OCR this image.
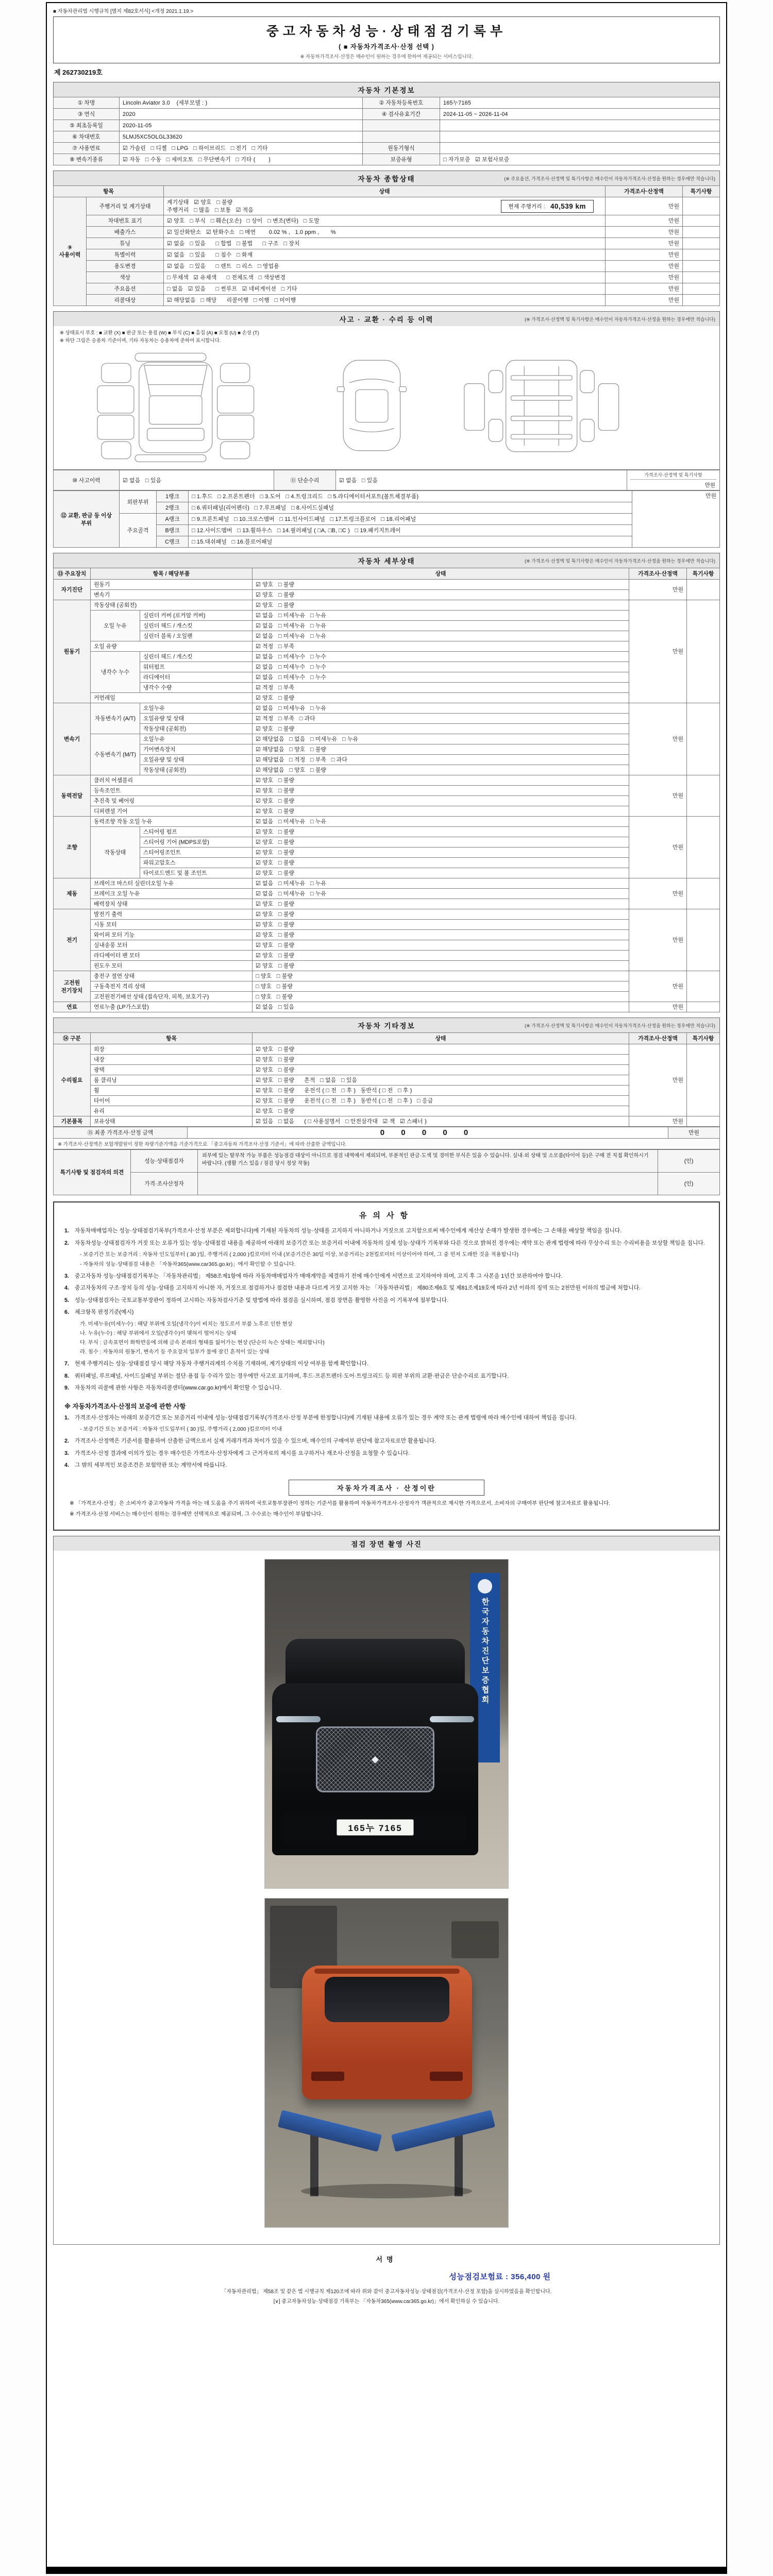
■ 자동차관리법 시행규칙 [별지 제82호서식] <개정 2021.1.19.>
중고자동차성능·상태점검기록부
( ■ 자동차가격조사·산정 선택 )
※ 자동차가격조사·산정은 매수인이 원하는 경우에 한하여 제공되는 서비스입니다.
제 262730219호
자동차 기본정보
① 차명	Lincoln Aviator 3.0    (세부모델 : )	② 자동차등록번호	165누7165
③ 연식	2020	④ 검사유효기간	2024-11-05 ~ 2026-11-04
⑤ 최초등록일	2020-11-05		
⑥ 차대번호	5LMJ5XC5OLGL33620		
⑦ 사용연료	☑ 가솔린   □ 디젤   □ LPG   □ 하이브리드   □ 전기   □ 기타	원동기형식	
⑧ 변속기종류	☑ 자동   □ 수동   □ 세미오토   □ 무단변속기   □ 기타 (        )	보증유형	□ 자가보증   ☑ 보험사보증
자동차 종합상태	(※ 주요옵션, 가격조사·산정액 및 특기사항은 매수인이 자동차가격조사·산정을 원하는 경우에만 적습니다)
항목		상태	가격조사·산정액	특기사항
⑨ 사용이력	주행거리 및 계기상태	계기상태   ☑ 양호   □ 불량
주행거리   □ 많음   □ 보통   ☑ 적음
현재 주행거리 : 40,539 km	만원	
	차대번호 표기	☑ 양호   □ 부식   □ 훼손(오손)   □ 상이   □ 변조(변타)   □ 도말	만원	
	배출가스	☑ 일산화탄소   ☑ 탄화수소   □ 매연        0.02 % ,   1.0 ppm ,       %	만원	
	튜닝	☑ 없음   □ 있음      □ 합법   □ 불법      □ 구조   □ 장치	만원	
	특별이력	☑ 없음   □ 있음      □ 침수   □ 화재	만원	
	용도변경	☑ 없음   □ 있음      □ 렌트   □ 리스   □ 영업용	만원	
	색상	□ 무채색   ☑ 유채색      □ 전체도색   □ 색상변경	만원	
	주요옵션	□ 없음   ☑ 있음      □ 썬루프   ☑ 네비게이션   □ 기타	만원	
	리콜대상	☑ 해당없음   □ 해당      리콜이행   □ 이행   □ 미이행	만원	
사고 · 교환 · 수리 등 이력	(※ 가격조사·산정액 및 특기사항은 매수인이 자동차가격조사·산정을 원하는 경우에만 적습니다)
※ 상태표시 부호 : ■ 교환 (X) ■ 판금 또는 용접 (W) ■ 부식 (C) ■ 흠집 (A) ■ 요철 (U) ■ 손상 (T)
※ 하단 그림은 승용차 기준이며, 기타 자동차는 승용차에 준하여 표시합니다.
⑩ 사고이력	☑ 없음   □ 있음	⑪ 단순수리	☑ 없음   □ 있음	
가격조사·산정액 및 특기사항
만원
⑫ 교환, 판금 등 이상 부위	외판부위	1랭크	□ 1.후드   □ 2.프론트펜더   □ 3.도어   □ 4.트렁크리드   □ 5.라디에이터서포트(볼트체결부품)	만원
		2랭크	□ 6.쿼터패널(리어펜더)   □ 7.루프패널   □ 8.사이드실패널	
	주요골격	A랭크	□ 9.프론트패널   □ 10.크로스멤버   □ 11.인사이드패널   □ 17.트렁크플로어   □ 18.리어패널	
		B랭크	□ 12.사이드멤버   □ 13.휠하우스   □ 14.필러패널 ( □A, □B, □C )   □ 19.패키지트레이	
		C랭크	□ 15.대쉬패널   □ 16.플로어패널	
자동차 세부상태	(※ 가격조사·산정액 및 특기사항은 매수인이 자동차가격조사·산정을 원하는 경우에만 적습니다)
⑬ 주요장치	항목 / 해당부품		상태	가격조사·산정액	특기사항
자기진단	원동기		☑ 양호   □ 불량	만원	
	변속기		☑ 양호   □ 불량		
원동기	작동상태 (공회전)		☑ 양호   □ 불량	만원	
	오일 누유	실린더 커버 (로커암 커버)	☑ 없음   □ 미세누유   □ 누유		
		실린더 헤드 / 개스킷	☑ 없음   □ 미세누유   □ 누유		
		실린더 블록 / 오일팬	☑ 없음   □ 미세누유   □ 누유		
	오일 유량		☑ 적정   □ 부족		
	냉각수 누수	실린더 헤드 / 개스킷	☑ 없음   □ 미세누수   □ 누수		
		워터펌프	☑ 없음   □ 미세누수   □ 누수		
		라디에이터	☑ 없음   □ 미세누수   □ 누수		
		냉각수 수량	☑ 적정   □ 부족		
	커먼레일		☑ 양호   □ 불량		
변속기	자동변속기 (A/T)	오일누유	☑ 없음   □ 미세누유   □ 누유	만원	
		오일유량 및 상태	☑ 적정   □ 부족   □ 과다		
		작동상태 (공회전)	☑ 양호   □ 불량		
	수동변속기 (M/T)	오일누유	☑ 해당없음   □ 없음   □ 미세누유   □ 누유		
		기어변속장치	☑ 해당없음   □ 양호   □ 불량		
		오일유량 및 상태	☑ 해당없음   □ 적정   □ 부족   □ 과다		
		작동상태 (공회전)	☑ 해당없음   □ 양호   □ 불량		
동력전달	클러치 어셈블리		☑ 양호   □ 불량	만원	
	등속조인트		☑ 양호   □ 불량		
	추진축 및 베어링		☑ 양호   □ 불량		
	디퍼렌셜 기어		☑ 양호   □ 불량		
조향	동력조향 작동 오일 누유		☑ 없음   □ 미세누유   □ 누유	만원	
	작동상태	스티어링 펌프	☑ 양호   □ 불량		
		스티어링 기어 (MDPS포함)	☑ 양호   □ 불량		
		스티어링조인트	☑ 양호   □ 불량		
		파워고압호스	☑ 양호   □ 불량		
		타이로드엔드 및 볼 조인트	☑ 양호   □ 불량		
제동	브레이크 마스터 실린더오일 누유		☑ 없음   □ 미세누유   □ 누유	만원	
	브레이크 오일 누유		☑ 없음   □ 미세누유   □ 누유		
	배력장치 상태		☑ 양호   □ 불량		
전기	발전기 출력		☑ 양호   □ 불량	만원	
	시동 모터		☑ 양호   □ 불량		
	와이퍼 모터 기능		☑ 양호   □ 불량		
	실내송풍 모터		☑ 양호   □ 불량		
	라디에이터 팬 모터		☑ 양호   □ 불량		
	윈도우 모터		☑ 양호   □ 불량		
고전원 전기장치	충전구 절연 상태		□ 양호   □ 불량	만원	
	구동축전지 격리 상태		□ 양호   □ 불량		
	고전원전기배선 상태 (접속단자, 피복, 보호기구)		□ 양호   □ 불량		
연료	연료누출 (LP가스포함)		☑ 없음   □ 있음	만원	
자동차 기타정보	(※ 가격조사·산정액 및 특기사항은 매수인이 자동차가격조사·산정을 원하는 경우에만 적습니다)
⑭ 구분	항목	상태	가격조사·산정액	특기사항
수리필요	외장	☑ 양호   □ 불량	만원	
	내장	☑ 양호   □ 불량		
	광택	☑ 양호   □ 불량		
	룸 클리닝	☑ 양호   □ 불량      흔적   □ 없음   □ 있음		
	휠	☑ 양호   □ 불량      운전석 ( □ 전   □ 후 )   동반석 ( □ 전   □ 후 )		
	타이어	☑ 양호   □ 불량      운전석 ( □ 전   □ 후 )   동반석 ( □ 전   □ 후 )   □ 응급		
	유리	☑ 양호   □ 불량		
기본품목	보유상태	☑ 있음   □ 없음      ( □ 사용설명서   □ 안전삼각대   ☑ 잭   ☑ 스패너 )	만원	
⑮ 최종 가격조사·산정 금액	0 0 0 0 0	만원
※ 가격조사·산정액은 보험개발원이 정한 차량기준가액을 기준가격으로 「중고자동차 가격조사·산정 기준서」에 따라 산출한 금액입니다.
특기사항 및 점검자의 의견	성능·상태점검자	외부에 있는 탈부착 가능 부품은 성능점검 대상이 아니므로 점검 내역에서 제외되며, 부분적인 판금·도색 및 경미한 부식은 있을 수 있습니다. 실내·외 상태 및 소모품(타이어 등)은 구매 전 직접 확인하시기 바랍니다. (생활 기스 있음 / 점검 당시 정상 작동)	(인)
	가격·조사산정자		(인)
유의사항
1.	자동차매매업자는 성능·상태점검기록부(가격조사·산정 부분은 제외합니다)에 기재된 자동차의 성능·상태를 고지하지 아니하거나 거짓으로 고지함으로써 매수인에게 재산상 손해가 발생한 경우에는 그 손해를 배상할 책임을 집니다.
2.	자동차성능·상태점검자가 거짓 또는 오류가 있는 성능·상태점검 내용을 제공하여 아래의 보증기간 또는 보증거리 이내에 자동차의 실제 성능·상태가 기록부와 다른 것으로 밝혀진 경우에는 계약 또는 관계 법령에 따라 무상수리 또는 수리비용을 보상할 책임을 집니다.
- 보증기간 또는 보증거리 : 자동차 인도일부터 ( 30 )일, 주행거리 ( 2,000 )킬로미터 이내 (보증기간은 30일 이상, 보증거리는 2천킬로미터 이상이어야 하며, 그 중 먼저 도래한 것을 적용합니다)
- 자동차의 성능·상태점검 내용은 「자동차365(www.car365.go.kr)」에서 확인할 수 있습니다.
3.	중고자동차 성능·상태점검기록부는 「자동차관리법」 제58조제1항에 따라 자동차매매업자가 매매계약을 체결하기 전에 매수인에게 서면으로 고지하여야 하며, 고지 후 그 사본을 1년간 보관하여야 합니다.
4.	중고자동차의 구조·장치 등의 성능·상태를 고지하지 아니한 자, 거짓으로 점검하거나 점검한 내용과 다르게 거짓 고지한 자는 「자동차관리법」 제80조제6호 및 제81조제19호에 따라 2년 이하의 징역 또는 2천만원 이하의 벌금에 처합니다.
5.	성능·상태점검자는 국토교통부장관이 정하여 고시하는 자동차검사기준 및 방법에 따라 점검을 실시하며, 점검 장면을 촬영한 사진을 이 기록부에 첨부합니다.
6.	체크항목 판정기준(예시)
가. 미세누유(미세누수) : 해당 부위에 오일(냉각수)이 비치는 정도로서 부품 노후로 인한 현상
나. 누유(누수) : 해당 부위에서 오일(냉각수)이 맺혀서 떨어지는 상태
다. 부식 : 금속표면이 화학반응에 의해 금속 본래의 형태를 잃어가는 현상 (단순히 녹슨 상태는 제외합니다)
라. 침수 : 자동차의 원동기, 변속기 등 주요장치 일부가 물에 잠긴 흔적이 있는 상태
7.	현재 주행거리는 성능·상태점검 당시 해당 자동차 주행거리계의 수치를 기재하며, 계기상태의 이상 여부를 함께 확인합니다.
8.	쿼터패널, 루프패널, 사이드실패널 부위는 절단·용접 등 수리가 있는 경우에만 사고로 표기하며, 후드·프론트펜더·도어·트렁크리드 등 외판 부위의 교환·판금은 단순수리로 표기합니다.
9.	자동차의 리콜에 관한 사항은 자동차리콜센터(www.car.go.kr)에서 확인할 수 있습니다.
※ 자동차가격조사·산정의 보증에 관한 사항
1.	가격조사·산정자는 아래의 보증기간 또는 보증거리 이내에 성능·상태점검기록부(가격조사·산정 부분에 한정합니다)에 기재된 내용에 오류가 있는 경우 계약 또는 관계 법령에 따라 매수인에 대하여 책임을 집니다.
- 보증기간 또는 보증거리 : 자동차 인도일부터 ( 30 )일, 주행거리 ( 2,000 )킬로미터 이내
2.	가격조사·산정액은 기준서를 활용하여 산출한 금액으로서 실제 거래가격과 차이가 있을 수 있으며, 매수인의 구매여부 판단에 참고자료로만 활용됩니다.
3.	가격조사·산정 결과에 이의가 있는 경우 매수인은 가격조사·산정자에게 그 근거자료의 제시를 요구하거나 재조사·산정을 요청할 수 있습니다.
4.	그 밖의 세부적인 보증조건은 보험약관 또는 계약서에 따릅니다.
자동차가격조사 · 산정이란
※ 「가격조사·산정」은 소비자가 중고자동차 가격을 아는 데 도움을 주기 위하여 국토교통부장관이 정하는 기준서를 활용하여 자동차가격조사·산정자가 객관적으로 제시한 가격으로서, 소비자의 구매여부 판단에 참고자료로 활용됩니다.
※ 가격조사·산정 서비스는 매수인이 원하는 경우에만 선택적으로 제공되며, 그 수수료는 매수인이 부담합니다.
점검 장면 촬영 사진
한국자동차진단보증협회
◆
165누 7165
서명
성능점검보험료 : 356,400 원
「자동차관리법」 제58조 및 같은 법 시행규칙 제120조에 따라 위와 같이 중고자동차성능·상태점검(가격조사·산정 포함)을 실시하였음을 확인합니다.
[∨] 중고자동차성능·상태점검 기록부는 「자동차365(www.car365.go.kr)」에서 확인하실 수 있습니다.
